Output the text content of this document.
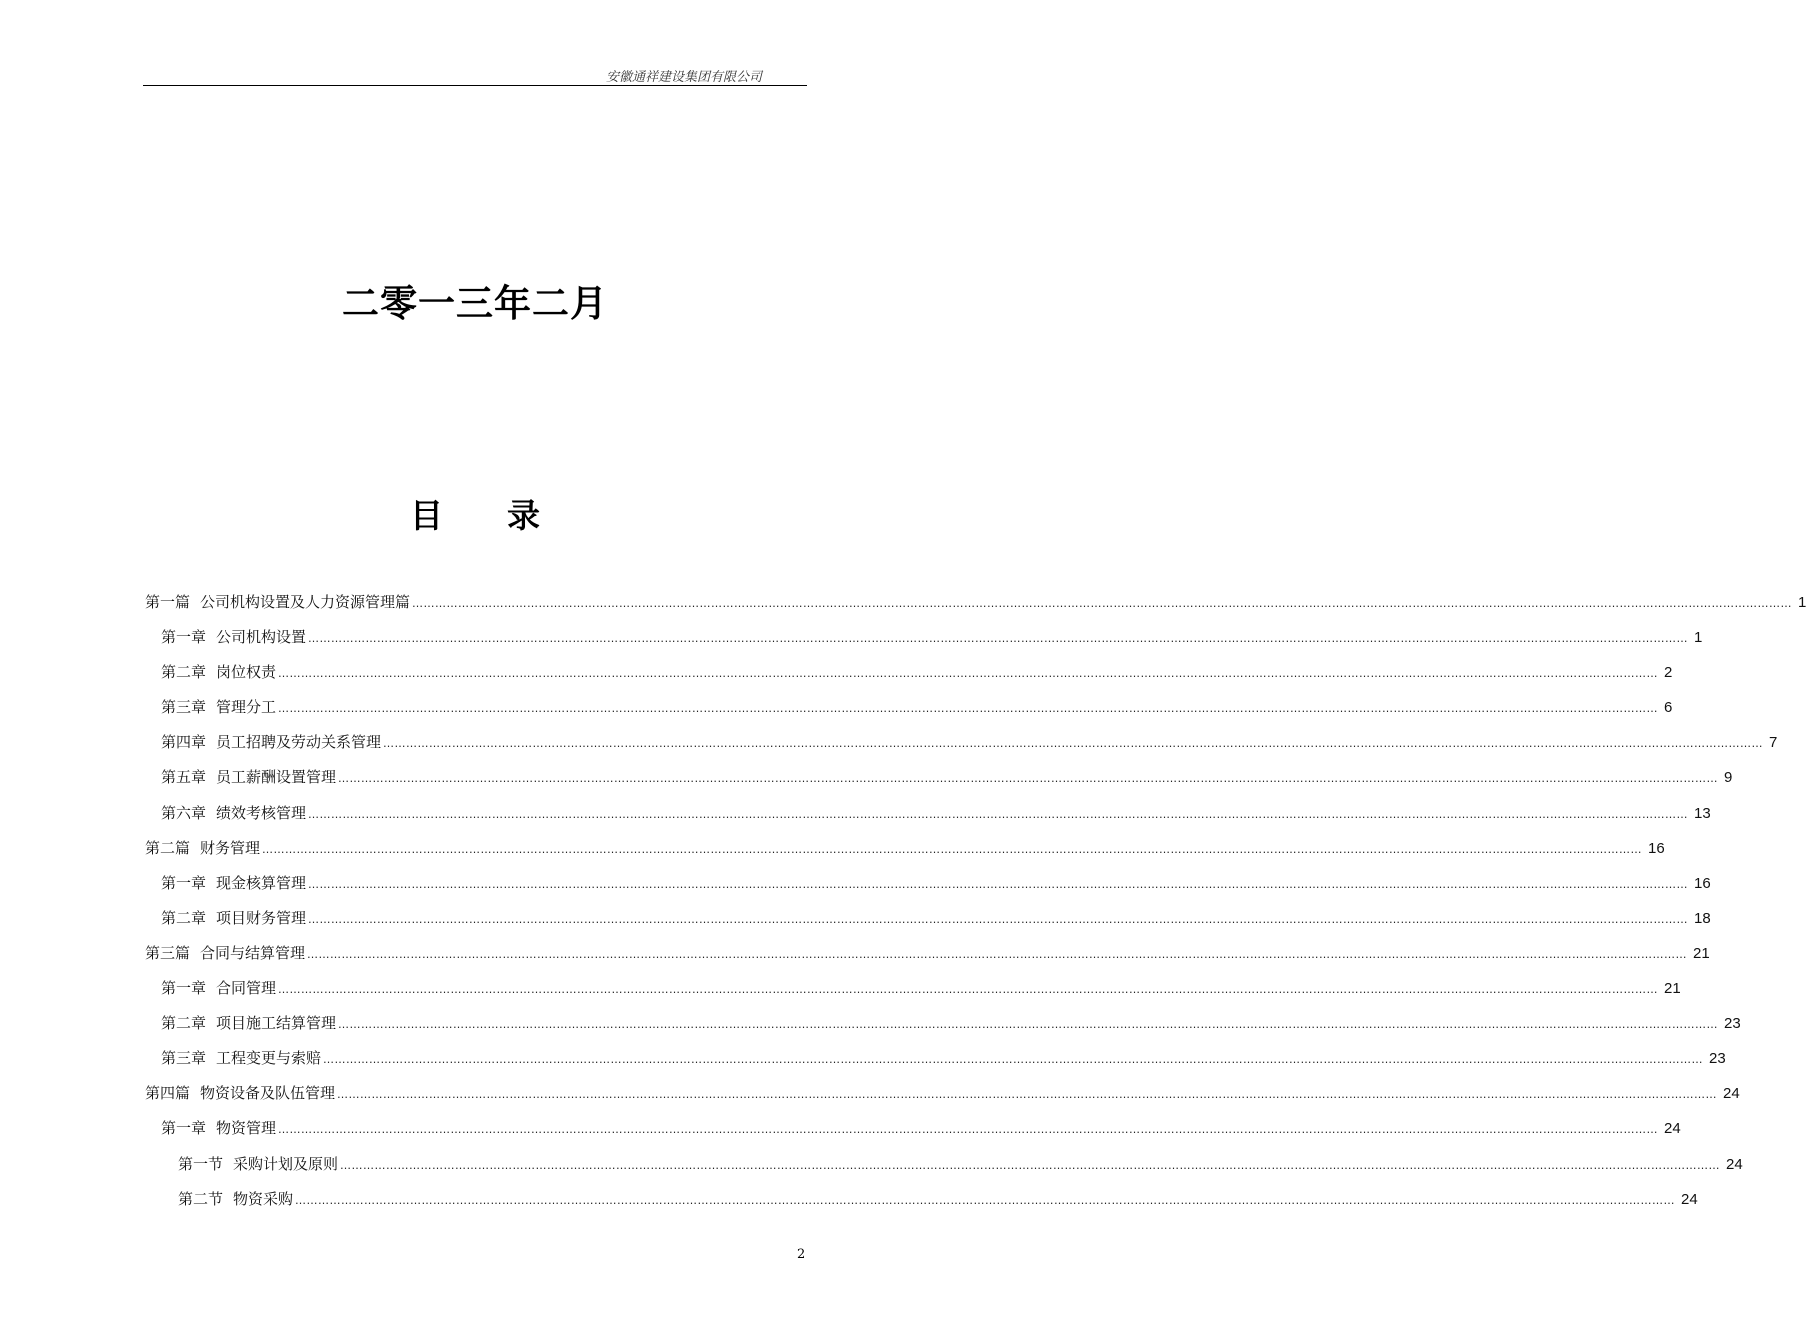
安徽通祥建设集团有限公司
二零一三年二月
目录
第一篇 公司机构设置及人力资源管理篇 ……………………………………………………………………………………………………………………………………………………………………………………………………………………………………………………………………………………………………………………………… 1
第一章 公司机构设置 ……………………………………………………………………………………………………………………………………………………………………………………………………………………………………………………………………………………………………………………………… 1
第二章 岗位权责 ……………………………………………………………………………………………………………………………………………………………………………………………………………………………………………………………………………………………………………………………… 2
第三章 管理分工 ……………………………………………………………………………………………………………………………………………………………………………………………………………………………………………………………………………………………………………………………… 6
第四章 员工招聘及劳动关系管理 ……………………………………………………………………………………………………………………………………………………………………………………………………………………………………………………………………………………………………………………………… 7
第五章 员工薪酬设置管理 ……………………………………………………………………………………………………………………………………………………………………………………………………………………………………………………………………………………………………………………………… 9
第六章 绩效考核管理 ……………………………………………………………………………………………………………………………………………………………………………………………………………………………………………………………………………………………………………………………… 13
第二篇 财务管理 ……………………………………………………………………………………………………………………………………………………………………………………………………………………………………………………………………………………………………………………………… 16
第一章 现金核算管理 ……………………………………………………………………………………………………………………………………………………………………………………………………………………………………………………………………………………………………………………………… 16
第二章 项目财务管理 ……………………………………………………………………………………………………………………………………………………………………………………………………………………………………………………………………………………………………………………………… 18
第三篇 合同与结算管理 ……………………………………………………………………………………………………………………………………………………………………………………………………………………………………………………………………………………………………………………………… 21
第一章 合同管理 ……………………………………………………………………………………………………………………………………………………………………………………………………………………………………………………………………………………………………………………………… 21
第二章 项目施工结算管理 ……………………………………………………………………………………………………………………………………………………………………………………………………………………………………………………………………………………………………………………………… 23
第三章 工程变更与索赔 ……………………………………………………………………………………………………………………………………………………………………………………………………………………………………………………………………………………………………………………………… 23
第四篇 物资设备及队伍管理 ……………………………………………………………………………………………………………………………………………………………………………………………………………………………………………………………………………………………………………………………… 24
第一章 物资管理 ……………………………………………………………………………………………………………………………………………………………………………………………………………………………………………………………………………………………………………………………… 24
第一节 采购计划及原则 ……………………………………………………………………………………………………………………………………………………………………………………………………………………………………………………………………………………………………………………………… 24
第二节 物资采购 ……………………………………………………………………………………………………………………………………………………………………………………………………………………………………………………………………………………………………………………………… 24
2
